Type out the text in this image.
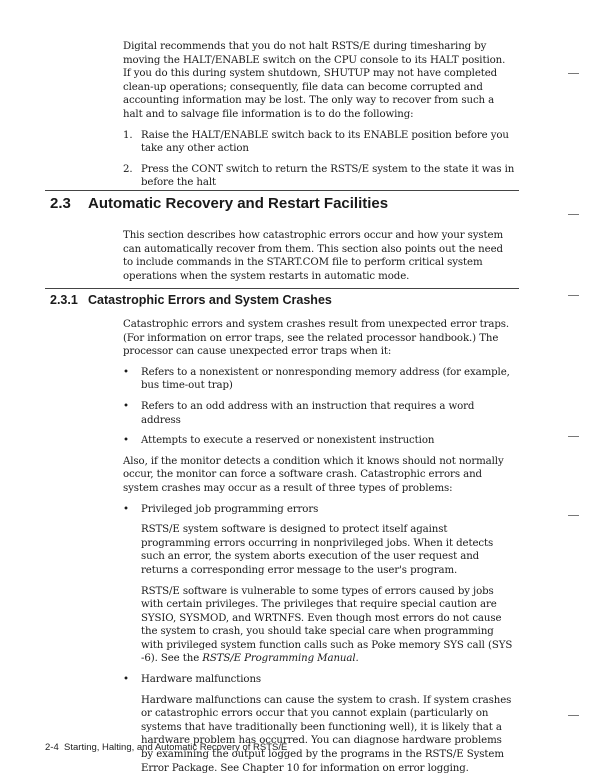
Digital recommends that you do not halt RSTS/E during timesharing by moving the HALT/ENABLE switch on the CPU console to its HALT position. If you do this during system shutdown, SHUTUP may not have completed clean-up operations; consequently, file data can become corrupted and accounting information may be lost. The only way to recover from such a halt and to salvage file information is to do the following:

1. Raise the HALT/ENABLE switch back to its ENABLE position before you take any other action
2. Press the CONT switch to return the RSTS/E system to the state it was in before the halt
2.3 Automatic Recovery and Restart Facilities

This section describes how catastrophic errors occur and how your system can automatically recover from them. This section also points out the need to include commands in the START.COM file to perform critical system operations when the system restarts in automatic mode.

2.3.1 Catastrophic Errors and System Crashes

Catastrophic errors and system crashes result from unexpected error traps. (For information on error traps, see the related processor handbook.) The processor can cause unexpected error traps when it:

• Refers to a nonexistent or nonresponding memory address (for example, bus time-out trap)
• Refers to an odd address with an instruction that requires a word address
• Attempts to execute a reserved or nonexistent instruction

Also, if the monitor detects a condition which it knows should not normally occur, the monitor can force a software crash. Catastrophic errors and system crashes may occur as a result of three types of problems:

• Privileged job programming errors

RSTS/E system software is designed to protect itself against programming errors occurring in nonprivileged jobs. When it detects such an error, the system aborts execution of the user request and returns a corresponding error message to the user's program.

RSTS/E software is vulnerable to some types of errors caused by jobs with certain privileges. The privileges that require special caution are SYSIO, SYSMOD, and WRTNFS. Even though most errors do not cause the system to crash, you should take special care when programming with privileged system function calls such as Poke memory SYS call (SYS -6). See the RSTS/E Programming Manual.

• Hardware malfunctions

Hardware malfunctions can cause the system to crash. If system crashes or catastrophic errors occur that you cannot explain (particularly on systems that have traditionally been functioning well), it is likely that a hardware problem has occurred. You can diagnose hardware problems by examining the output logged by the programs in the RSTS/E System Error Package. See Chapter 10 for information on error logging.

2-4 Starting, Halting, and Automatic Recovery of RSTS/E
